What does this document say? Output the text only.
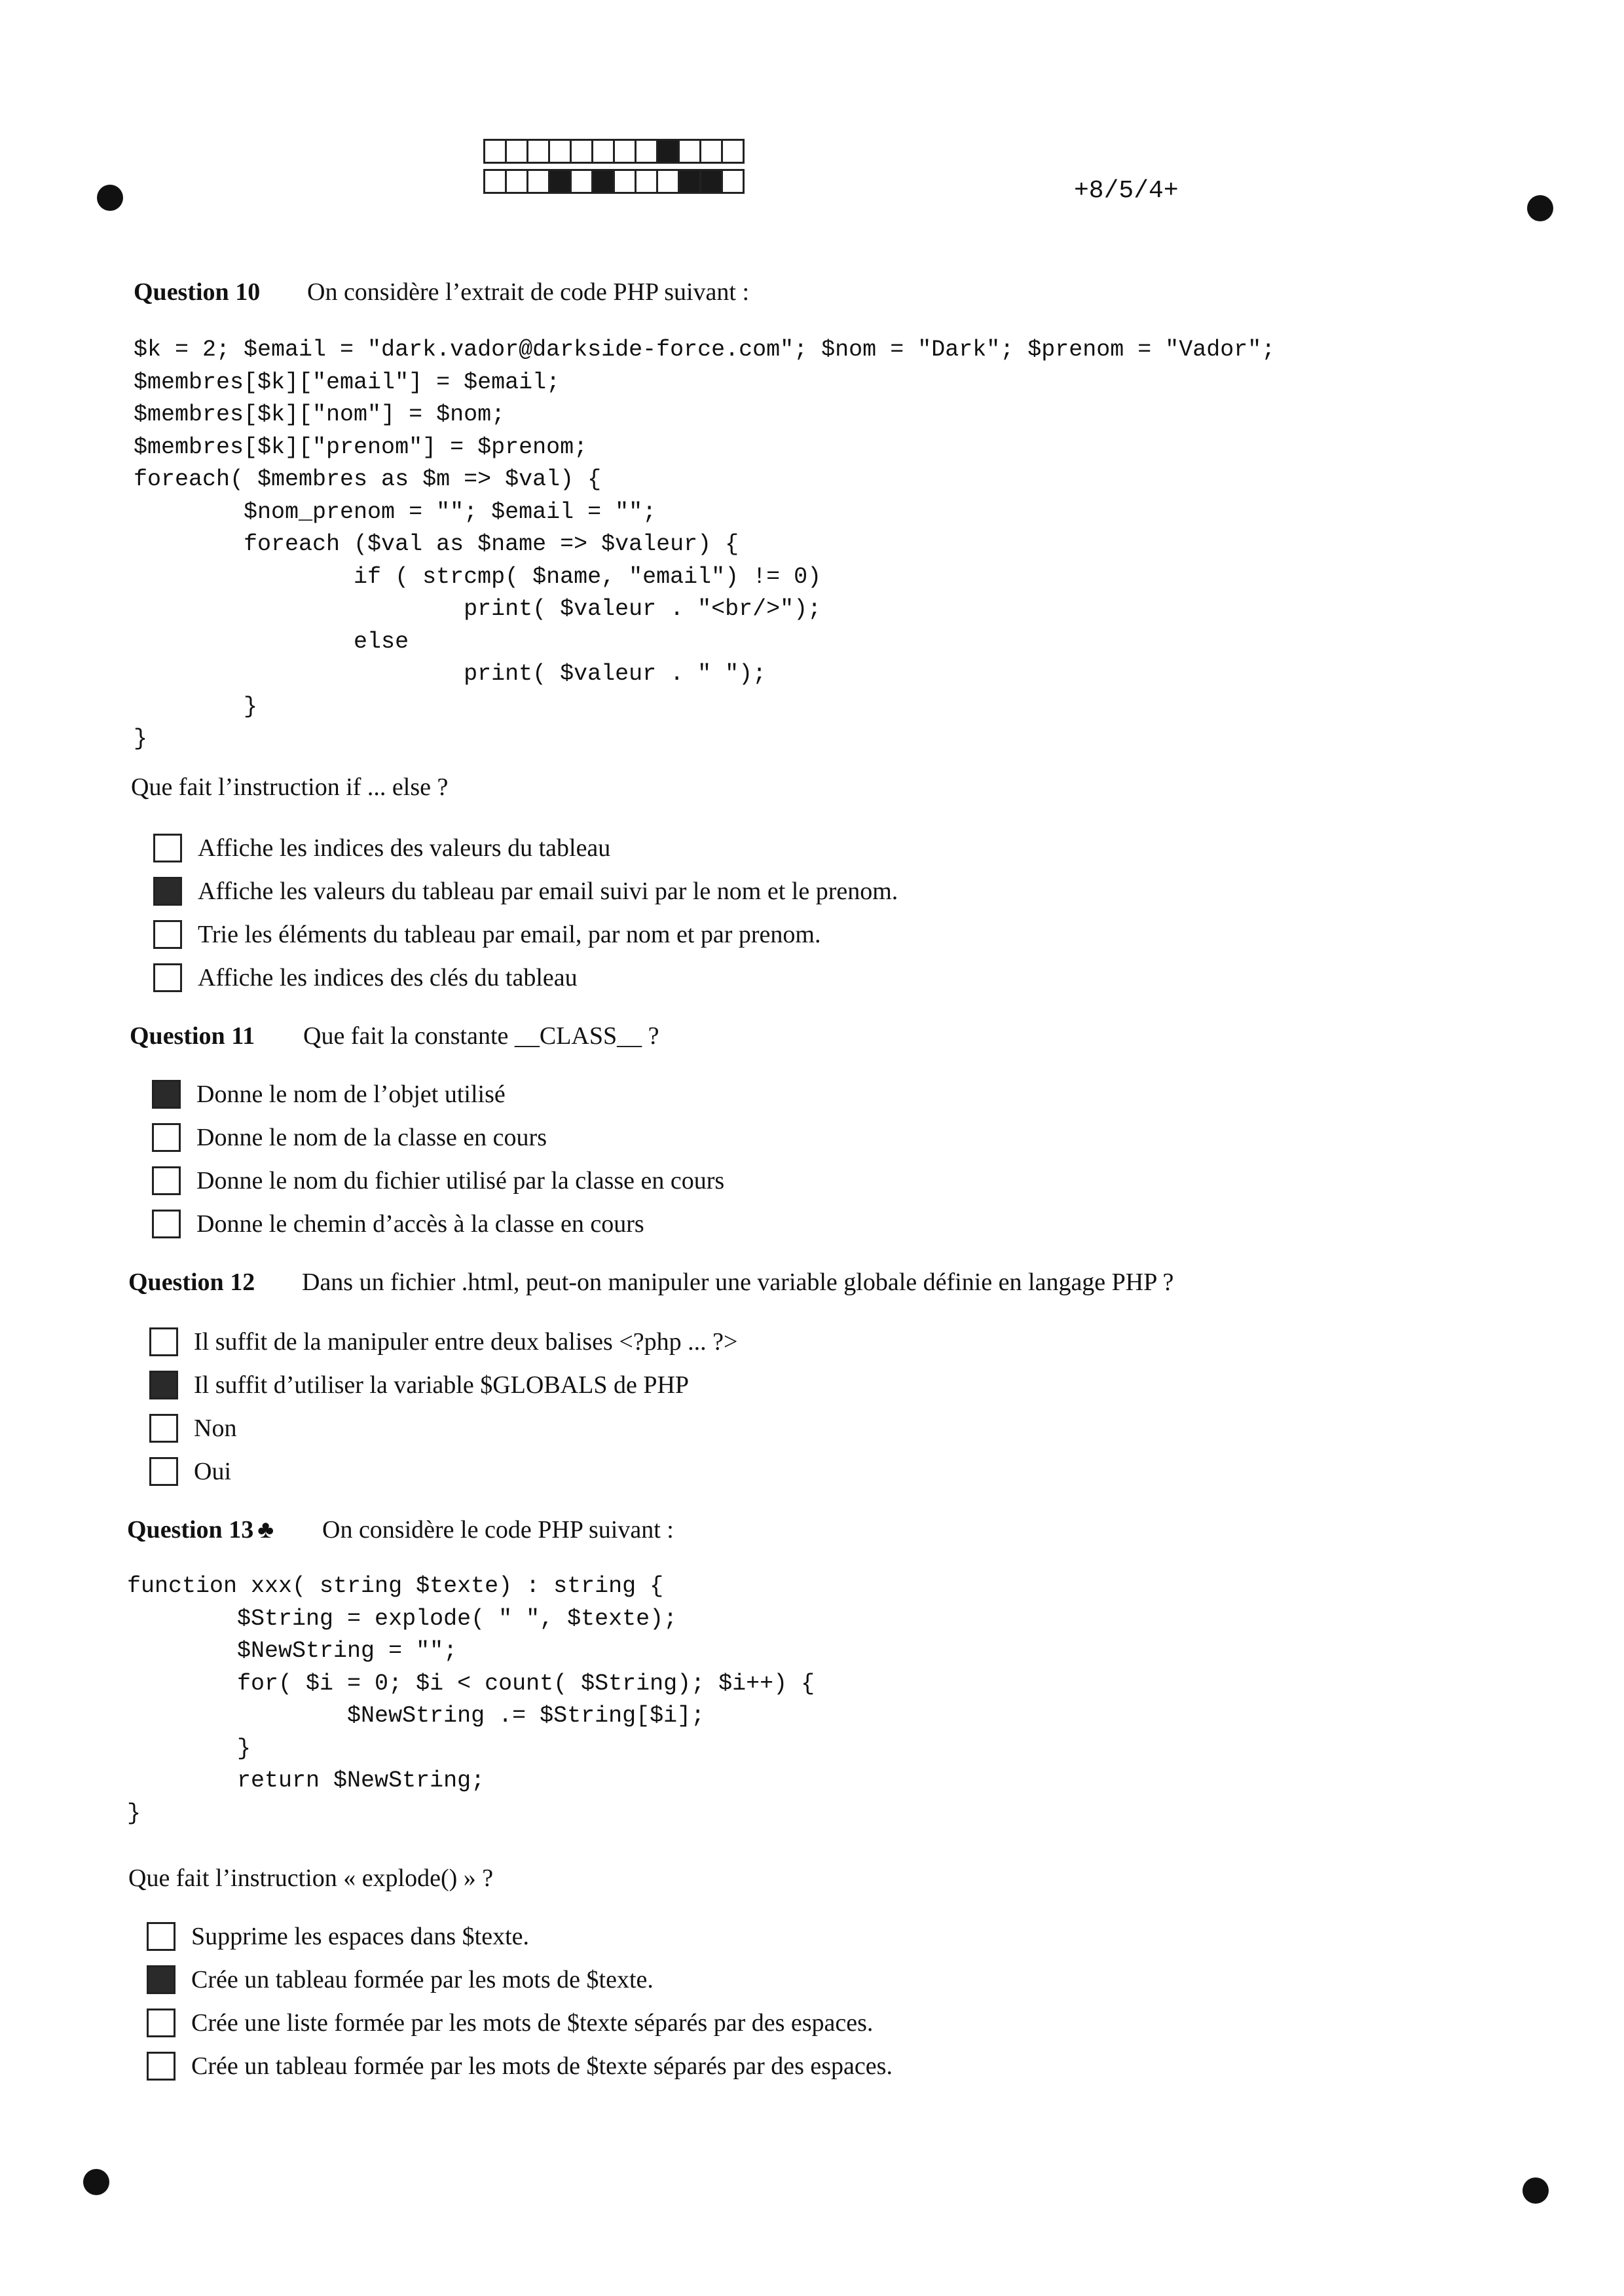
+8/5/4+
Question 10	On considère l’extrait de code PHP suivant :
$k = 2; $email = "dark.vador@darkside-force.com"; $nom = "Dark"; $prenom = "Vador";
$membres[$k]["email"] = $email;
$membres[$k]["nom"] = $nom;
$membres[$k]["prenom"] = $prenom;
foreach( $membres as $m => $val) {
$nom_prenom = ""; $email = "";
foreach ($val as $name => $valeur) {
if ( strcmp( $name, "email") != 0)
print( $valeur . "<br/>");
else
print( $valeur . " ");
}
}
Que fait l’instruction if ... else ?
Affiche les indices des valeurs du tableau
Affiche les valeurs du tableau par email suivi par le nom et le prenom.
Trie les éléments du tableau par email, par nom et par prenom.
Affiche les indices des clés du tableau
Question 11	Que fait la constante __CLASS__ ?
Donne le nom de l’objet utilisé
Donne le nom de la classe en cours
Donne le nom du fichier utilisé par la classe en cours
Donne le chemin d’accès à la classe en cours
Question 12	Dans un fichier .html, peut-on manipuler une variable globale définie en langage PHP ?
Il suffit de la manipuler entre deux balises <?php ... ?>
Il suffit d’utiliser la variable $GLOBALS de PHP
Non
Oui
Question 13 ♣	On considère le code PHP suivant :
function xxx( string $texte) : string {
$String = explode( " ", $texte);
$NewString = "";
for( $i = 0; $i < count( $String); $i++) {
$NewString .= $String[$i];
}
return $NewString;
}
Que fait l’instruction « explode() » ?
Supprime les espaces dans $texte.
Crée un tableau formée par les mots de $texte.
Crée une liste formée par les mots de $texte séparés par des espaces.
Crée un tableau formée par les mots de $texte séparés par des espaces.
